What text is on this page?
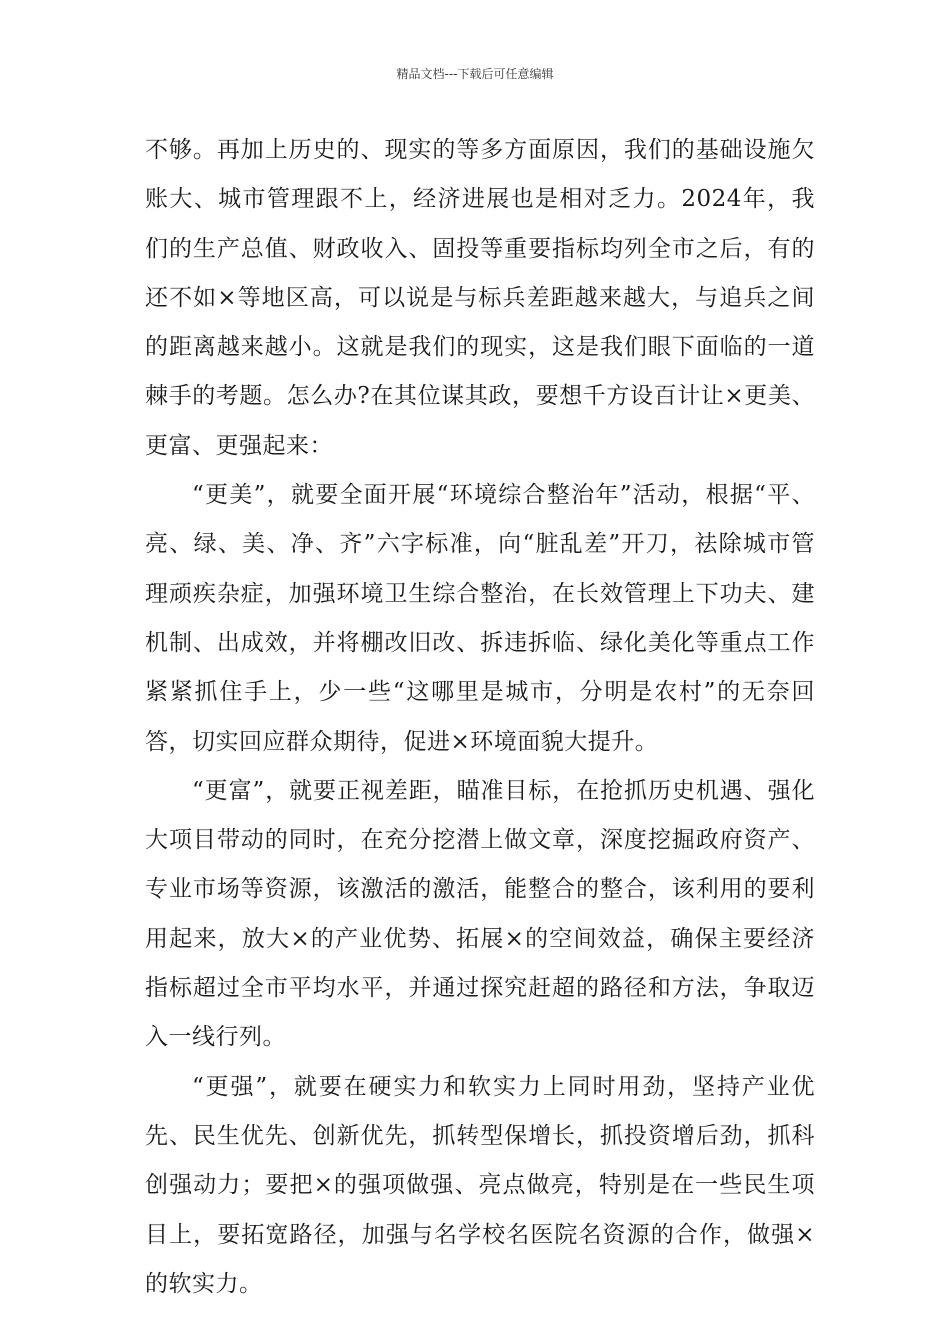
精品文档---下载后可任意编辑

不够。再加上历史的、现实的等多方面原因，我们的基础设施欠账大、城市管理跟不上，经济进展也是相对乏力。2024年，我们的生产总值、财政收入、固投等重要指标均列全市之后，有的还不如×等地区高，可以说是与标兵差距越来越大，与追兵之间的距离越来越小。这就是我们的现实，这是我们眼下面临的一道棘手的考题。怎么办?在其位谋其政，要想千方设百计让×更美、更富、更强起来：

“更美”，就要全面开展“环境综合整治年”活动，根据“平、亮、绿、美、净、齐”六字标准，向“脏乱差”开刀，祛除城市管理顽疾杂症，加强环境卫生综合整治，在长效管理上下功夫、建机制、出成效，并将棚改旧改、拆违拆临、绿化美化等重点工作紧紧抓住手上，少一些“这哪里是城市，分明是农村”的无奈回答，切实回应群众期待，促进×环境面貌大提升。

“更富”，就要正视差距，瞄准目标，在抢抓历史机遇、强化大项目带动的同时，在充分挖潜上做文章，深度挖掘政府资产、专业市场等资源，该激活的激活，能整合的整合，该利用的要利用起来，放大×的产业优势、拓展×的空间效益，确保主要经济指标超过全市平均水平，并通过探究赶超的路径和方法，争取迈入一线行列。

“更强”，就要在硬实力和软实力上同时用劲，坚持产业优先、民生优先、创新优先，抓转型保增长，抓投资增后劲，抓科创强动力；要把×的强项做强、亮点做亮，特别是在一些民生项目上，要拓宽路径，加强与名学校名医院名资源的合作，做强×的软实力。
